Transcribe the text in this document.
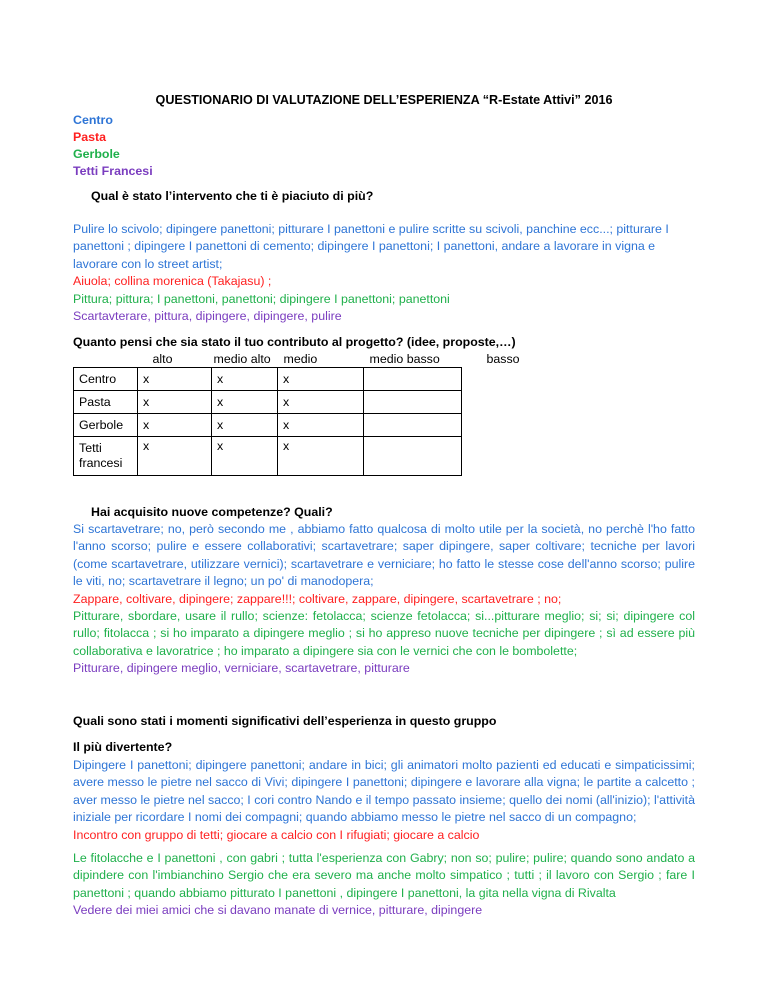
QUESTIONARIO DI VALUTAZIONE DELL’ESPERIENZA “R-Estate Attivi” 2016
Centro
Pasta
Gerbole
Tetti Francesi
Qual è stato l’intervento che ti è piaciuto di più?
Pulire lo scivolo; dipingere panettoni; pitturare I panettoni e pulire scritte su scivoli, panchine ecc...; pitturare I panettoni ; dipingere I panettoni di cemento; dipingere I panettoni; I panettoni, andare a lavorare in vigna e lavorare con lo street artist;
Aiuola; collina morenica (Takajasu) ;
Pittura; pittura; I panettoni, panettoni; dipingere I panettoni; panettoni
Scartavterare, pittura, dipingere, dipingere, pulire
Quanto pensi che sia stato il tuo contributo al progetto? (idee, proposte,…)
	alto	medio alto	medio	medio basso	basso
Centro	x	x	x		
Pasta	x	x	x		
Gerbole	x	x	x		
Tetti francesi	x	x	x		
Hai acquisito nuove competenze? Quali?
Si scartavetrare; no, però secondo me , abbiamo fatto qualcosa di molto utile per la società, no perchè l'ho fatto l'anno scorso; pulire e essere collaborativi; scartavetrare; saper dipingere, saper coltivare; tecniche per lavori (come scartavetrare, utilizzare vernici); scartavetrare e verniciare; ho fatto le stesse cose dell'anno scorso; pulire le viti, no; scartavetrare il legno; un po' di manodopera;
Zappare, coltivare, dipingere; zappare!!!; coltivare, zappare, dipingere, scartavetrare ; no;
Pitturare, sbordare, usare il rullo; scienze: fetolacca; scienze fetolacca; si...pitturare meglio; si; si; dipingere col rullo; fitolacca ; si ho imparato a dipingere meglio ; si ho appreso nuove tecniche per dipingere ; sì ad essere più collaborativa e lavoratrice ; ho imparato a dipingere sia con le vernici che con le bombolette;
Pitturare, dipingere meglio, verniciare, scartavetrare, pitturare
Quali sono stati i momenti significativi dell’esperienza in questo gruppo
Il più divertente?
Dipingere I panettoni; dipingere panettoni; andare in bici; gli animatori molto pazienti ed educati e simpaticissimi; avere messo le pietre nel sacco di Vivi; dipingere I panettoni; dipingere e lavorare alla vigna; le partite a calcetto ; aver messo le pietre nel sacco; I cori contro Nando e il tempo passato insieme; quello dei nomi (all'inizio); l'attività iniziale per ricordare I nomi dei compagni; quando abbiamo messo le pietre nel sacco di un compagno;
Incontro con gruppo di tetti; giocare a calcio con I rifugiati; giocare a calcio
Le fitolacche e I panettoni , con gabri ; tutta l'esperienza con Gabry; non so; pulire; pulire; quando sono andato a dipindere con l'imbianchino Sergio che era severo ma anche molto simpatico ; tutti ; il lavoro con Sergio ; fare I panettoni ; quando abbiamo pitturato I panettoni , dipingere I panettoni, la gita nella vigna di Rivalta
Vedere dei miei amici che si davano manate di vernice, pitturare, dipingere
